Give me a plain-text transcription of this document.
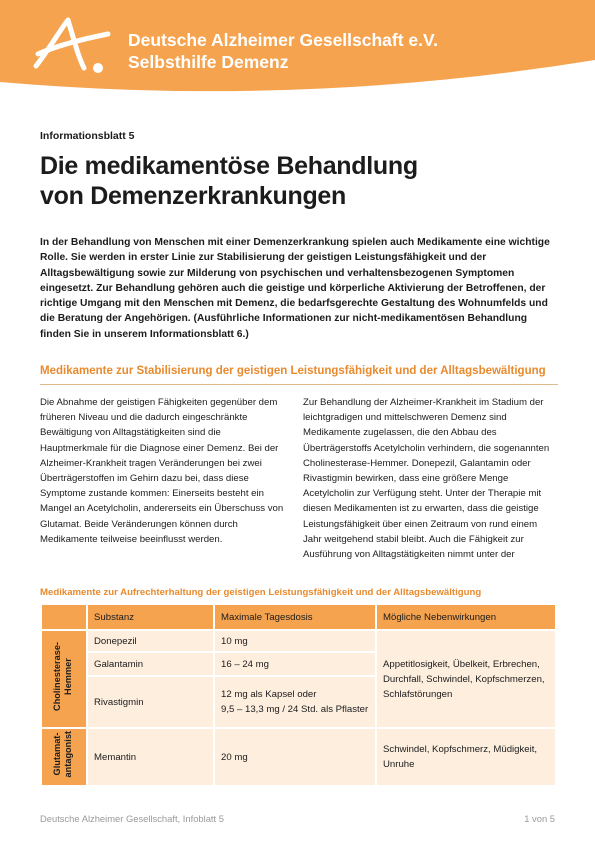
Deutsche Alzheimer Gesellschaft e.V.
Selbsthilfe Demenz
Informationsblatt 5
Die medikamentöse Behandlung
von Demenzerkrankungen

In der Behandlung von Menschen mit einer Demenzerkrankung spielen auch Medikamente eine wichtige Rolle. Sie werden in erster Linie zur Stabilisierung der geistigen Leistungsfähigkeit und der Alltagsbewältigung sowie zur Milderung von psychischen und verhaltensbezogenen Symptomen eingesetzt. Zur Behandlung gehören auch die geistige und körperliche Aktivierung der Betroffenen, der richtige Umgang mit den Menschen mit Demenz, die bedarfsgerechte Gestaltung des Wohnumfelds und die Beratung der Angehörigen. (Ausführliche Informationen zur nicht-medikamentösen Behandlung finden Sie in unserem Informationsblatt 6.)

Medikamente zur Stabilisierung der geistigen Leistungsfähigkeit und der Alltagsbewältigung

Die Abnahme der geistigen Fähigkeiten gegenüber dem früheren Niveau und die dadurch eingeschränkte Bewältigung von Alltagstätigkeiten sind die Hauptmerkmale für die Diagnose einer Demenz. Bei der Alzheimer-Krankheit tragen Veränderungen bei zwei Überträgerstoffen im Gehirn dazu bei, dass diese Symptome zustande kommen: Einerseits besteht ein Mangel an Acetylcholin, andererseits ein Überschuss von Glutamat. Beide Veränderungen können durch Medikamente teilweise beeinflusst werden.

Zur Behandlung der Alzheimer-Krankheit im Stadium der leichtgradigen und mittelschweren Demenz sind Medikamente zugelassen, die den Abbau des Überträgerstoffs Acetylcholin verhindern, die sogenannten Cholinesterase-Hemmer. Donepezil, Galantamin oder Rivastigmin bewirken, dass eine größere Menge Acetylcholin zur Verfügung steht. Unter der Therapie mit diesen Medikamenten ist zu erwarten, dass die geistige Leistungsfähigkeit über einen Zeitraum von rund einem Jahr weitgehend stabil bleibt. Auch die Fähigkeit zur Ausführung von Alltagstätigkeiten nimmt unter der

Medikamente zur Aufrechterhaltung der geistigen Leistungsfähigkeit und der Alltagsbewältigung
	Substanz	Maximale Tagesdosis	Mögliche Nebenwirkungen
Cholinesterase-
Hemmer	Donepezil	10 mg	Appetitlosigkeit, Übelkeit, Erbrechen, Durchfall, Schwindel, Kopfschmerzen, Schlafstörungen
	Galantamin	16 – 24 mg	
	Rivastigmin	12 mg als Kapsel oder
9,5 – 13,3 mg / 24 Std. als Pflaster	

Glutamat-
antagonist	Memantin	20 mg	Schwindel, Kopfschmerz, Müdigkeit, Unruhe
Deutsche Alzheimer Gesellschaft, Infoblatt 5	1 von 5
